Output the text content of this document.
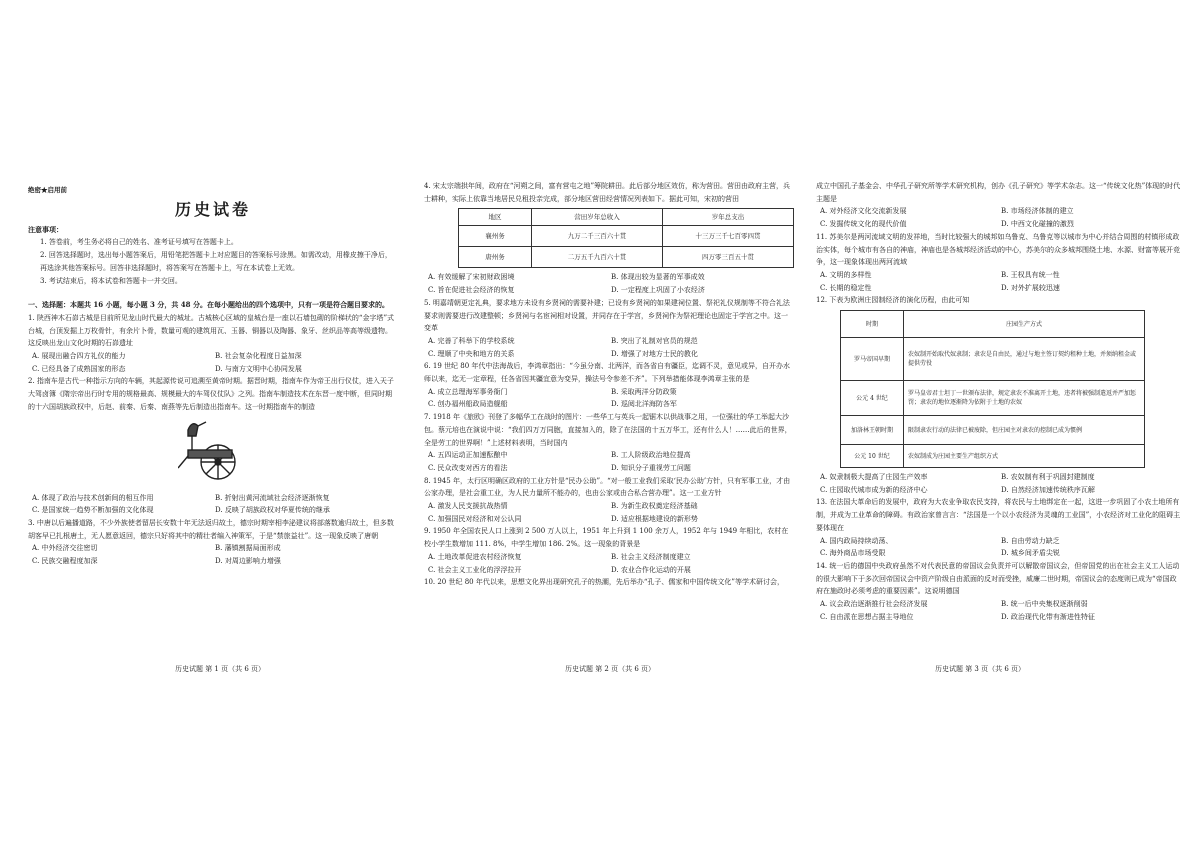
绝密★启用前

历史试卷

注意事项：

1. 答卷前，考生务必将自己的姓名、准考证号填写在答题卡上。

2. 回答选择题时，选出每小题答案后，用铅笔把答题卡上对应题目的答案标号涂黑。如需改动，用橡皮擦干净后，再选涂其他答案标号。回答非选择题时，将答案写在答题卡上，写在本试卷上无效。

3. 考试结束后，将本试卷和答题卡一并交回。

一、选择题：本题共 16 小题，每小题 3 分，共 48 分。在每小题给出的四个选项中，只有一项是符合题目要求的。

1. 陕西神木石峁古城是目前所见龙山时代最大的城址。古城核心区域的皇城台是一座以石墙包砌的阶梯状的“金字塔”式台城，台顶发掘上万枚骨针，有余片卜骨，数量可观的建筑用瓦、玉器、铜器以及陶器、象牙、丝织品等高等级遗物。这反映出龙山文化时期的石峁遗址

A. 展现出融合四方礼仪的能力	B. 社会复杂化程度日益加深
C. 已经具备了成熟国家的形态	D. 与南方文明中心协同发展

2. 指南车是古代一种指示方向的车辆，其起源传说可追溯至黄帝时期。据晋时期，指南车作为帝王出行仪仗，进入天子大驾卤簿《隋宗帝出行时专用的规格最高、规模最大的车驾仪仗队》之列。指南车制造技术在东晋一度中断，但同时期的十六国胡族政权中，后赵、前秦、后秦、南燕等先后制造出指南车。这一时期指南车的制造

A. 体现了政治与技术创新间的相互作用	B. 折射出黄河流域社会经济逐渐恢复
C. 是国家统一趋势不断加强的文化体现	D. 反映了胡族政权对华夏传统的继承

3. 中唐以后遍播道路，不少外族使者留居长安数十年无法返归故土，德宗时期宰相李泌建议将部落数逾归故土，但多数胡客早已扎根唐土，无人愿意返回，德宗只好将其中的精壮者编入神策军，于是“禁旅益壮”。这一现象反映了唐朝

A. 中外经济交往密切	B. 藩镇割据局面形成
C. 民族交融程度加深	D. 对周边影响力增强
历史试题 第 1 页（共 6 页）

4. 宋太宗端拱年间，政府在“河朔之间，富有营屯之地”筹院耕田。此后部分地区效仿，称为营田。营田由政府主营，兵士耕种，实际上依靠当地居民兑租投亲完成，部分地区营田经营情况列表如下。据此可知，宋初的营田

地区	营田岁年总收入	岁年总支出
襄州务	九万二千三百六十贯	十三万三千七百零四贯
唐州务	二万五千九百六十贯	四万零三百五十贯
A. 有效缓解了宋初财政困境	B. 体现出较为显著的军事成效
C. 旨在促进社会经济的恢复	D. 一定程度上巩固了小农经济

5. 明嘉靖朝更定礼典，要求地方未设有乡贤祠的需要补建；已设有乡贤祠的如果建祠位置、祭祀礼仪规制等不符合礼法要求则需要进行改建整顿；乡贤祠与名宦祠相对设置，并同存在于学宫，乡贤祠作为祭祀理论也固定于学宫之中。这一变革

A. 完善了科举下的学校系统	B. 突出了礼制对官员的规范
C. 理顺了中央和地方的关系	D. 增强了对地方士民的教化

6. 19 世纪 80 年代中法海战后，李鸿章指出：“今虽分南、北两洋，而各省自有疆臣，迄调不灵，意见或异，自开办水师以来，迄无一定章程，任各省因其疆宜意为变异，操法号令参差不齐”。下列举措能体现李鸿章主张的是

A. 成立总理海军事务衙门	B. 采取两洋分防政策
C. 创办福州船政局造舰船	D. 巡阅北洋海防各军

7. 1918 年《旅欧》刊登了多幅华工在战时的图片：一些华工与英兵一起锯木以供战事之用，一位强壮的华工举起大沙包。蔡元培也在演说中说：“我们四万万同胞，直接加入的，除了在法国的十五万华工，还有什么人！……此后的世界，全是劳工的世界啊！”上述材料表明，当时国内

A. 五四运动正加速酝酿中	B. 工人阶级政治地位提高
C. 民众改变对西方的看法	D. 知识分子重视劳工问题

8. 1945 年，太行区明确区政府的工业方针是“民办公助”。“对一般工业我们采取‘民办公助’方针，只有军事工业，才由公家办理，是社会重工业，为人民力量所不能办的，也由公家或由合私合营办理”。这一工业方针

A. 激发人民支援抗战热情	B. 为新生政权奠定经济基础
C. 加强国民对经济和对公认同	D. 适应根据地建设的新形势

9. 1950 年全国农民人口上涨到 2 500 万人以上，1951 年上升到 1 100 余万人，1952 年与 1949 年相比，农村在校小学生数增加 111. 8%，中学生增加 186. 2%。这一现象的背景是

A. 土地改革促进农村经济恢复	B. 社会主义经济制度建立
C. 社会主义工业化的浮浮拉开	D. 农业合作化运动的开展

10. 20 世纪 80 年代以来，思想文化界出现研究孔子的热潮，先后举办“孔子、儒家和中国传统文化”等学术研讨会，

历史试题 第 2 页（共 6 页）

成立中国孔子基金会、中华孔子研究所等学术研究机构，创办《孔子研究》等学术杂志。这一“传统文化热”体现的时代主题是

A. 对外经济文化交流新发展	B. 市场经济体制的建立
C. 发掘传统文化的现代价值	D. 中西文化碰撞的激烈

11. 苏美尔是两河流域文明的发祥地，当时比较强大的城邦如乌鲁克、乌鲁克等以城市为中心并结合周围的村镇形成政治实体，每个城市有各自的神庙，神庙也是各城邦经济活动的中心，苏美尔的众多城邦围绕土地、水源、财富等展开竞争，这一现象体现出两河流域

A. 文明的多样性	B. 王权具有统一性
C. 长期的稳定性	D. 对外扩展较迅速

12. 下表为欧洲庄园制经济的演化历程，由此可知

时期	庄园生产方式
罗马帝国早期	农奴制开始取代奴隶制；隶农是自由民，通过与地主签订契约租种土地，并须纳租金或提供劳役
公元 4 世纪	罗马皇帝君士坦丁一世颁布法律，规定隶农不准离开土地，违者将被强制遣返并严加惩罚；隶农的地位逐渐降为依附于土地的农奴
加洛林王朝时期	限制隶农行动的法律已被废除，但庄园主对隶农的控制已成为惯例
公元 10 世纪	农奴制成为庄园主要生产组织方式
A. 奴隶制极大提高了庄园生产效率	B. 农奴制有利于巩固封建制度
C. 庄园取代城市成为新的经济中心	D. 自然经济加速传统秩序瓦解

13. 在法国大革命后的发展中，政府为大农业争取农民支持，将农民与土地绑定在一起，这进一步巩固了小农土地所有制，并成为工业革命的障碍。有政治家曾言言：“法国是一个以小农经济为灵魂的工业国”，小农经济对工业化的阻碍主要体现在

A. 国内政局持续动荡、	B. 自由劳动力缺乏
C. 海外商品市场受限	D. 城乡间矛盾尖锐

14. 统一后的德国中央政府虽然不对代表民意的帝国议会负责并可以解散帝国议会，但帝国党的出在社会主义工人运动的很大影响下于多次回帝国议会中资产阶级自由派面的反对而受挫，威廉二世时期，帝国议会的态度则已成为“帝国政府在施政时必须考虑的重要因素”。这说明德国

A. 议会政治逐渐推行社会经济发展	B. 统一后中央集权逐渐削弱
C. 自由派在思想占据主导地位	D. 政治现代化带有渐进性特征
历史试题 第 3 页（共 6 页）
